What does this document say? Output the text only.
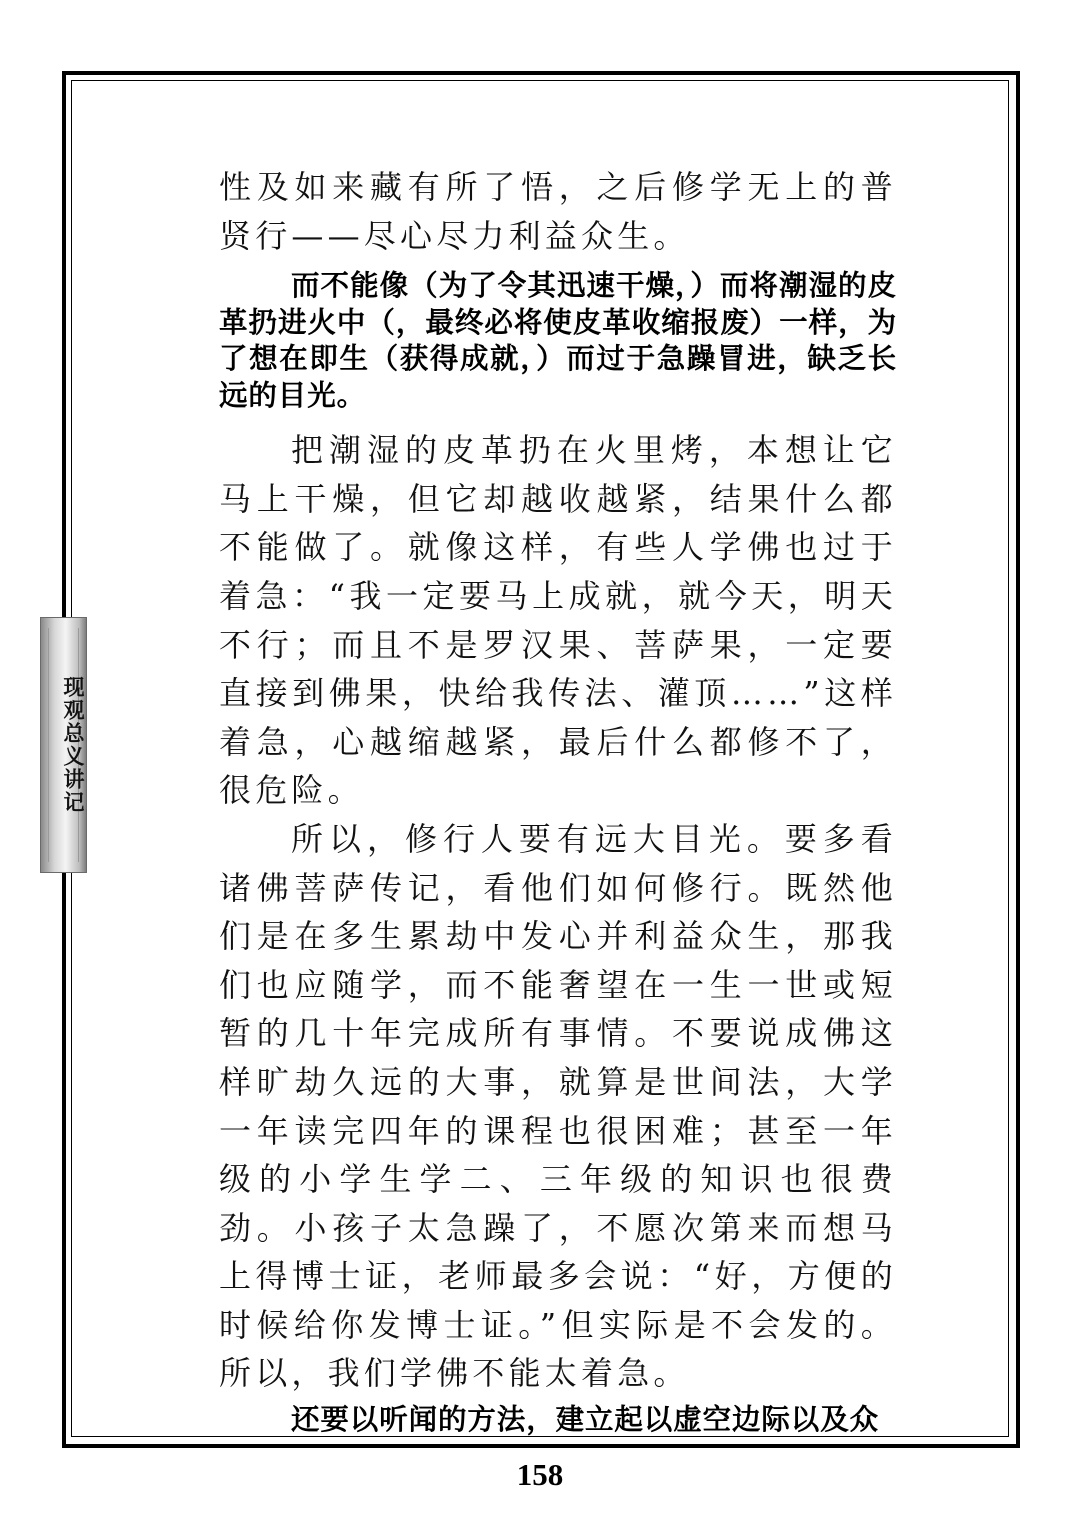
性及如来藏有所了悟，之后修学无上的普贤行——尽心尽力利益众生。

而不能像（为了令其迅速干燥，）而将潮湿的皮革扔进火中（，最终必将使皮革收缩报废）一样，为了想在即生（获得成就，）而过于急躁冒进，缺乏长远的目光。

把潮湿的皮革扔在火里烤，本想让它马上干燥，但它却越收越紧，结果什么都不能做了。就像这样，有些人学佛也过于着急：“我一定要马上成就，就今天，明天不行；而且不是罗汉果、菩萨果，一定要直接到佛果，快给我传法、灌顶……”这样着急，心越缩越紧，最后什么都修不了，很危险。

所以，修行人要有远大目光。要多看诸佛菩萨传记，看他们如何修行。既然他们是在多生累劫中发心并利益众生，那我们也应随学，而不能奢望在一生一世或短暂的几十年完成所有事情。不要说成佛这样旷劫久远的大事，就算是世间法，大学一年读完四年的课程也很困难；甚至一年级的小学生学二、三年级的知识也很费劲。小孩子太急躁了，不愿次第来而想马上得博士证，老师最多会说：“好，方便的时候给你发博士证。”但实际是不会发的。所以，我们学佛不能太着急。

还要以听闻的方法，建立起以虚空边际以及众

现观总义讲记
158
